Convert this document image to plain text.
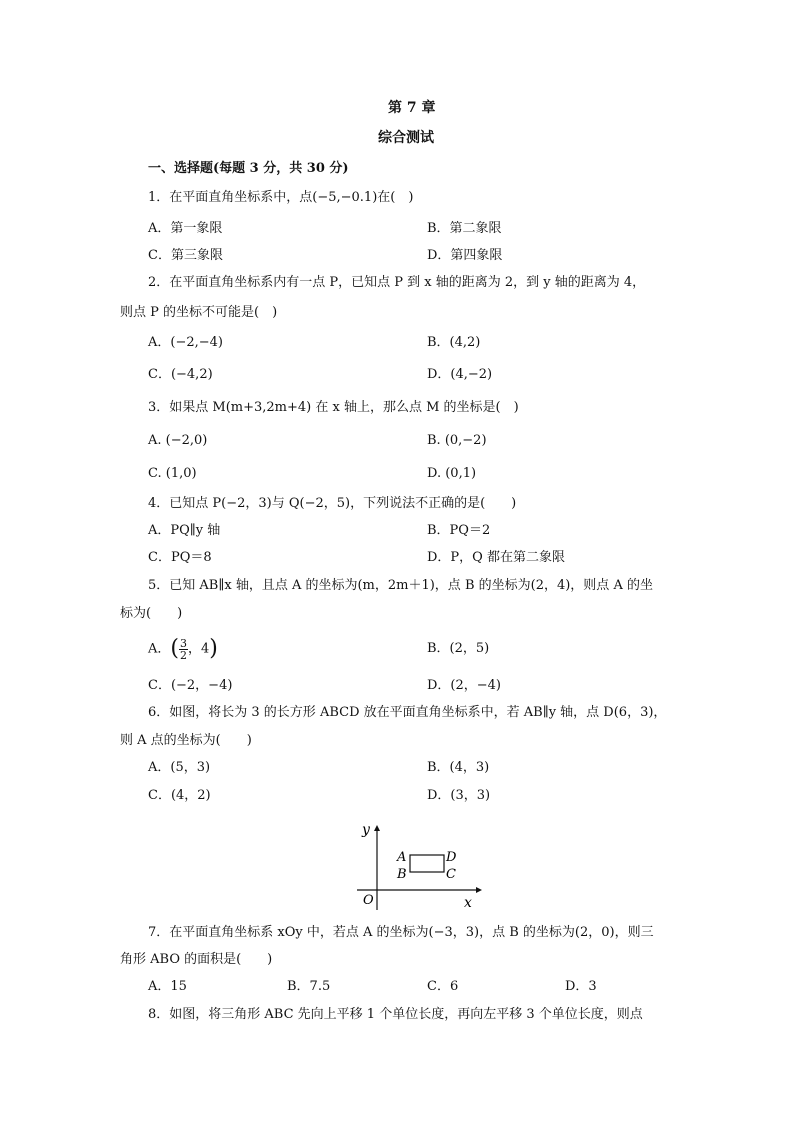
第 7 章
综合测试
一、选择题(每题 3 分，共 30 分)
1．在平面直角坐标系中，点(−5,−0.1)在(　)
A．第一象限	B．第二象限
C．第三象限	D．第四象限
2．在平面直角坐标系内有一点 P，已知点 P 到 x 轴的距离为 2，到 y 轴的距离为 4，
则点 P 的坐标不可能是(　)
A．(−2,−4)	B．(4,2)
C．(−4,2)	D．(4,−2)
3．如果点 M(m+3,2m+4) 在 x 轴上，那么点 M 的坐标是(　)
A. (−2,0)	B. (0,−2)
C. (1,0)	D. (0,1)
4．已知点 P(−2，3)与 Q(−2，5)，下列说法不正确的是(　　)
A．PQ∥y 轴	B．PQ＝2
C．PQ＝8	D．P，Q 都在第二象限
5．已知 AB∥x 轴，且点 A 的坐标为(m，2m＋1)，点 B 的坐标为(2，4)，则点 A 的坐
标为(　　)
A．( $\frac{3}{2}$ ，4)	B．(2，5)
C．(−2，−4)	D．(2，−4)
6．如图，将长为 3 的长方形 ABCD 放在平面直角坐标系中，若 AB∥y 轴，点 D(6，3)，
则 A 点的坐标为(　　)
A．(5，3)	B．(4，3)
C．(4，2)	D．(3，3)
y
x
O
A
B
D
C
7．在平面直角坐标系 xOy 中，若点 A 的坐标为(−3，3)，点 B 的坐标为(2，0)，则三
角形 ABO 的面积是(　　)
A．15	B．7.5	C．6	D．3
8．如图，将三角形 ABC 先向上平移 1 个单位长度，再向左平移 3 个单位长度，则点
